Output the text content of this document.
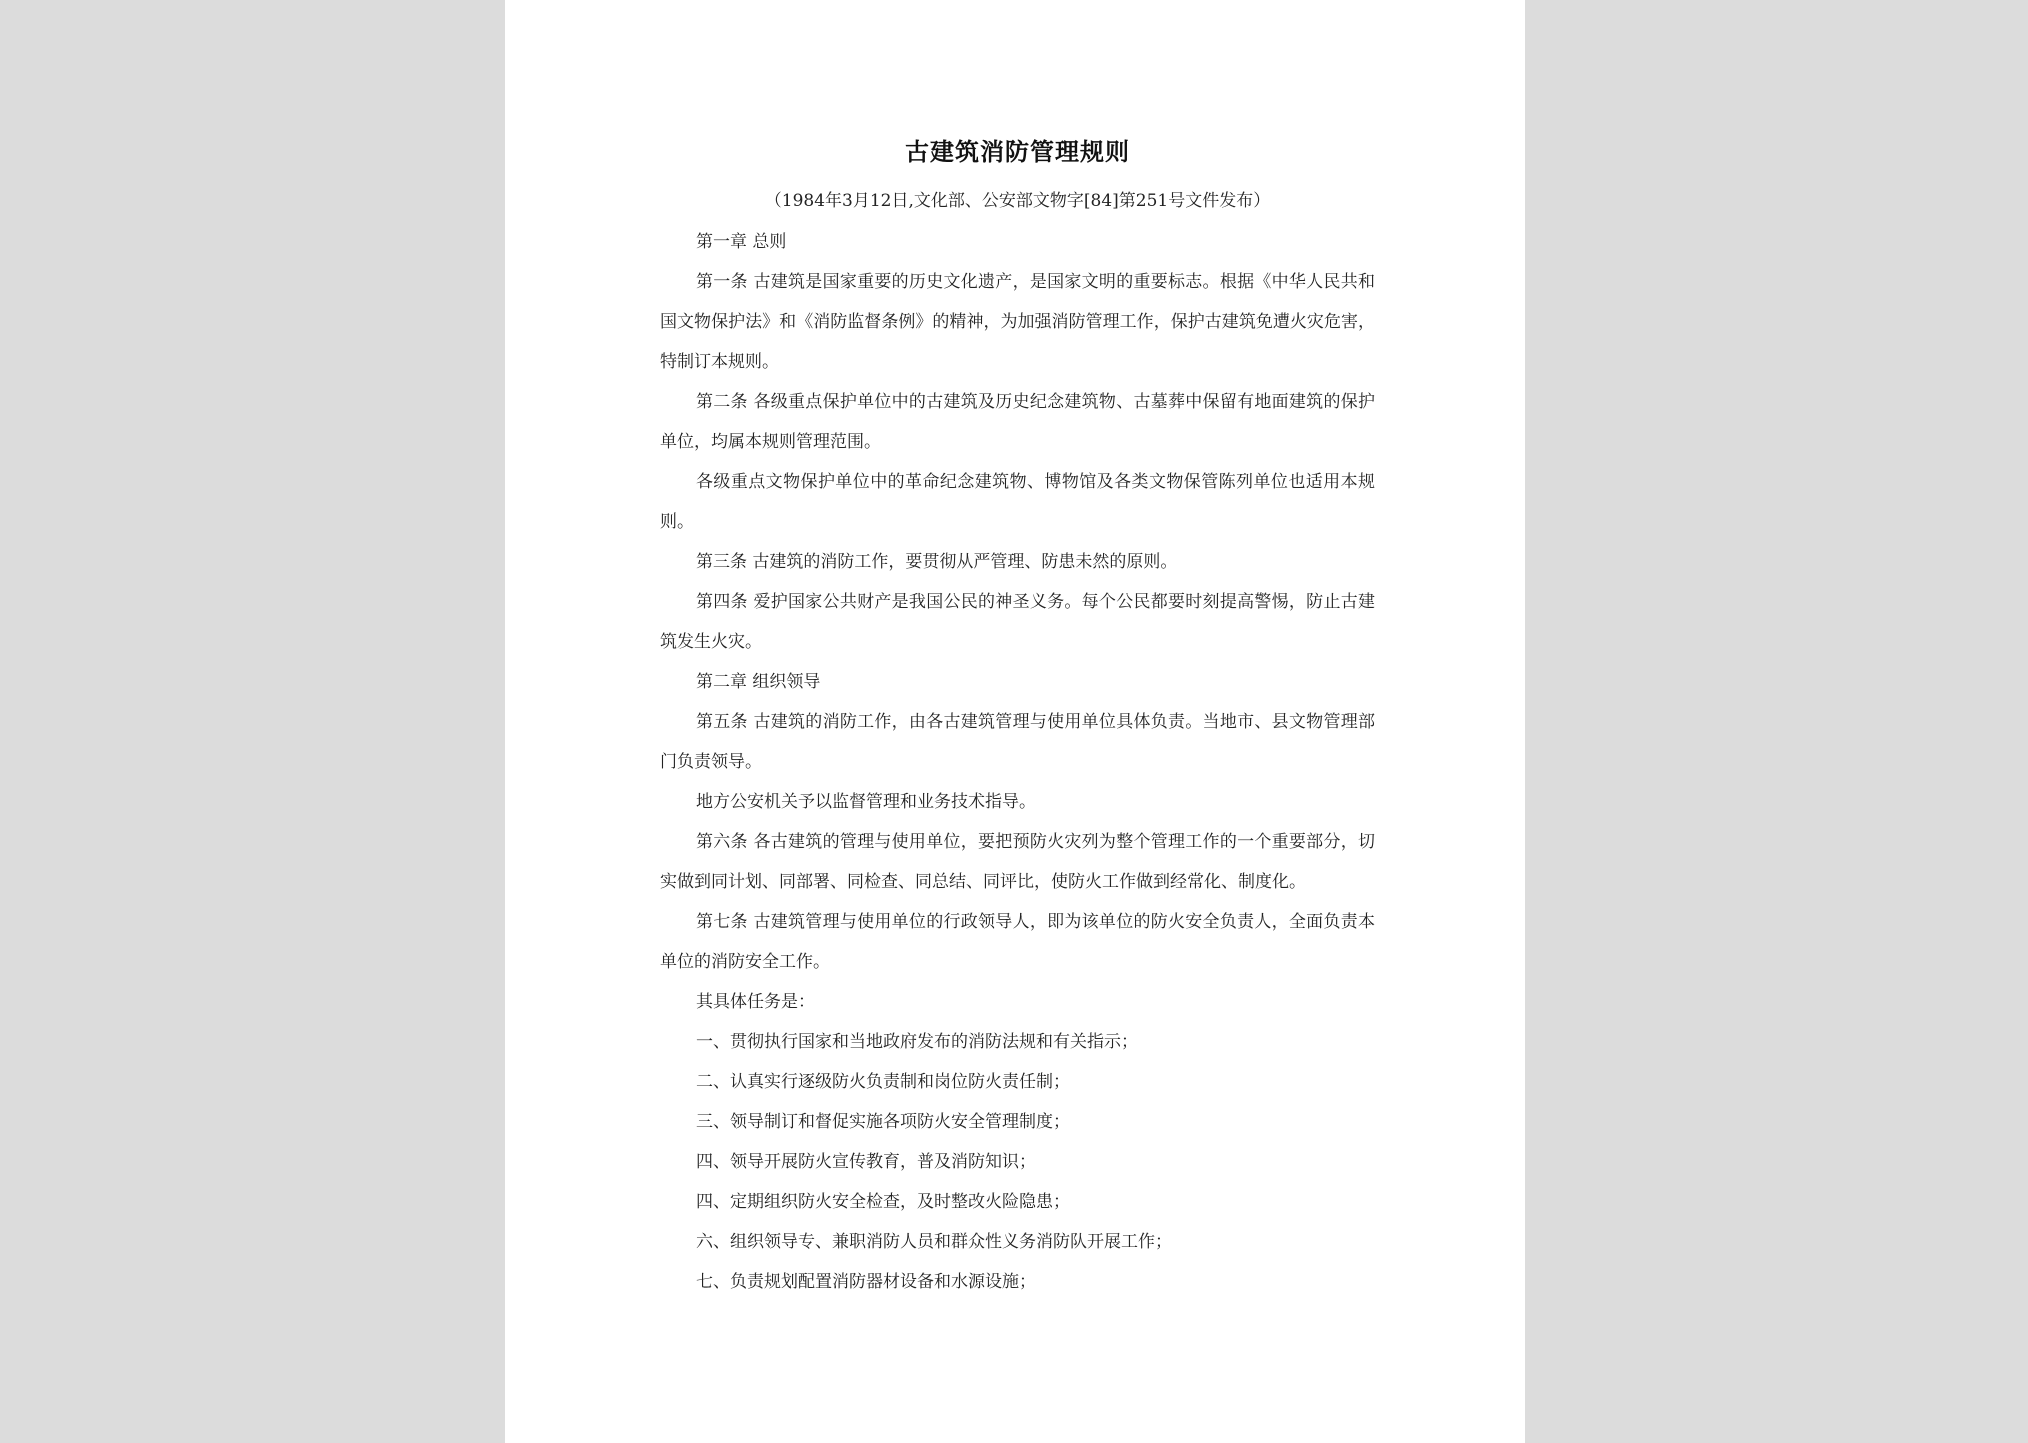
古建筑消防管理规则
（1984年3月12日,文化部、公安部文物字[84]第251号文件发布）

第一章 总则

第一条 古建筑是国家重要的历史文化遗产，是国家文明的重要标志。根据《中华人民共和国文物保护法》和《消防监督条例》的精神，为加强消防管理工作，保护古建筑免遭火灾危害，特制订本规则。

第二条 各级重点保护单位中的古建筑及历史纪念建筑物、古墓葬中保留有地面建筑的保护单位，均属本规则管理范围。

各级重点文物保护单位中的革命纪念建筑物、博物馆及各类文物保管陈列单位也适用本规则。

第三条 古建筑的消防工作，要贯彻从严管理、防患未然的原则。

第四条 爱护国家公共财产是我国公民的神圣义务。每个公民都要时刻提高警惕，防止古建筑发生火灾。

第二章 组织领导

第五条 古建筑的消防工作，由各古建筑管理与使用单位具体负责。当地市、县文物管理部门负责领导。

地方公安机关予以监督管理和业务技术指导。

第六条 各古建筑的管理与使用单位，要把预防火灾列为整个管理工作的一个重要部分，切实做到同计划、同部署、同检查、同总结、同评比，使防火工作做到经常化、制度化。

第七条 古建筑管理与使用单位的行政领导人，即为该单位的防火安全负责人，全面负责本单位的消防安全工作。

其具体任务是：

一、贯彻执行国家和当地政府发布的消防法规和有关指示；

二、认真实行逐级防火负责制和岗位防火责任制；

三、领导制订和督促实施各项防火安全管理制度；

四、领导开展防火宣传教育，普及消防知识；

四、定期组织防火安全检查，及时整改火险隐患；

六、组织领导专、兼职消防人员和群众性义务消防队开展工作；

七、负责规划配置消防器材设备和水源设施；
